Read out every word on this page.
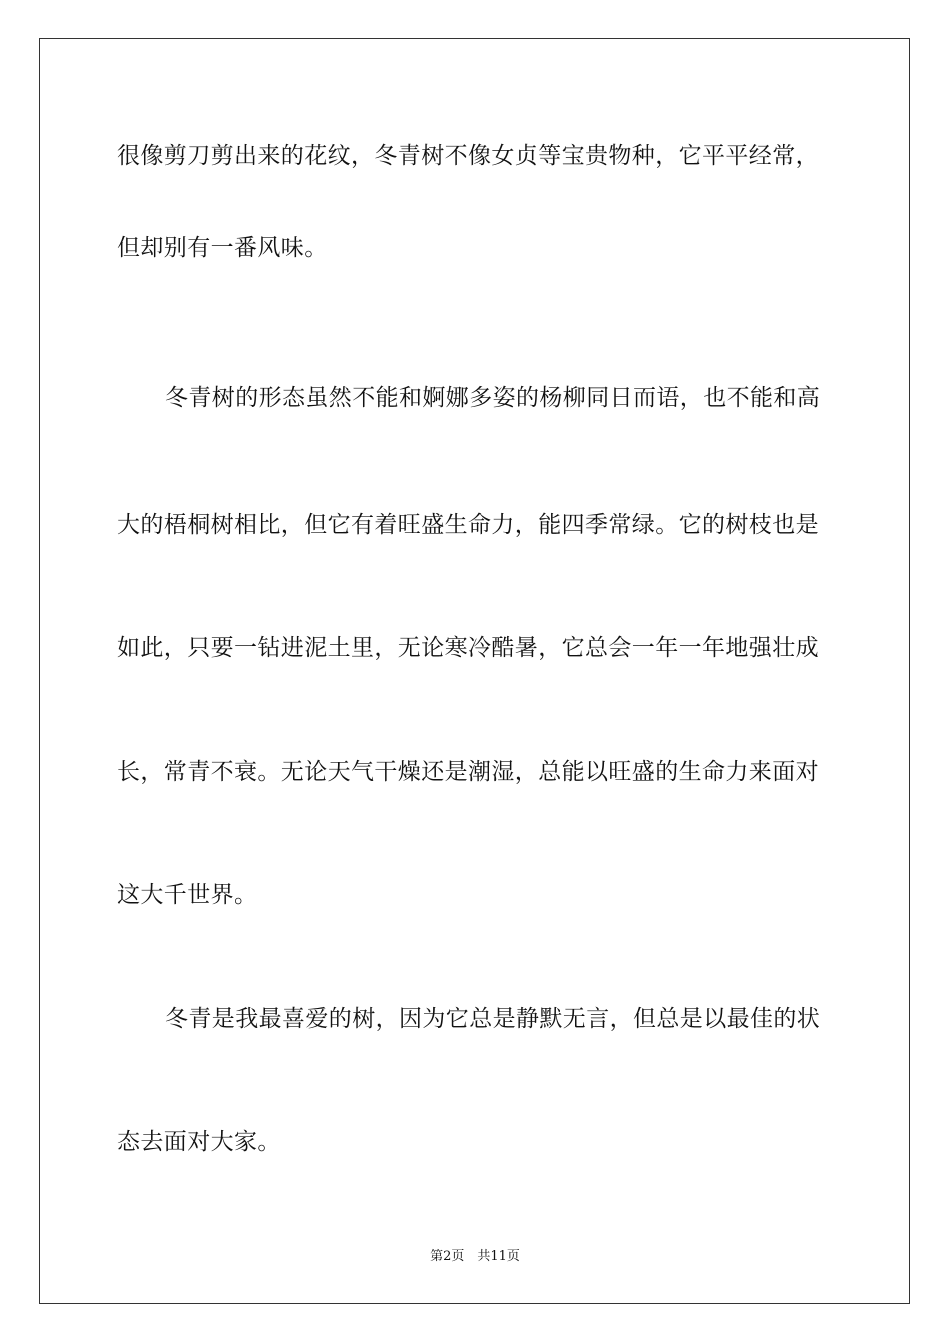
很像剪刀剪出来的花纹，冬青树不像女贞等宝贵物种，它平平经常，
但却别有一番风味。
冬青树的形态虽然不能和婀娜多姿的杨柳同日而语，也不能和高
大的梧桐树相比，但它有着旺盛生命力，能四季常绿。它的树枝也是
如此，只要一钻进泥土里，无论寒冷酷暑，它总会一年一年地强壮成
长，常青不衰。无论天气干燥还是潮湿，总能以旺盛的生命力来面对
这大千世界。
冬青是我最喜爱的树，因为它总是静默无言，但总是以最佳的状
态去面对大家。
第2页　共11页
